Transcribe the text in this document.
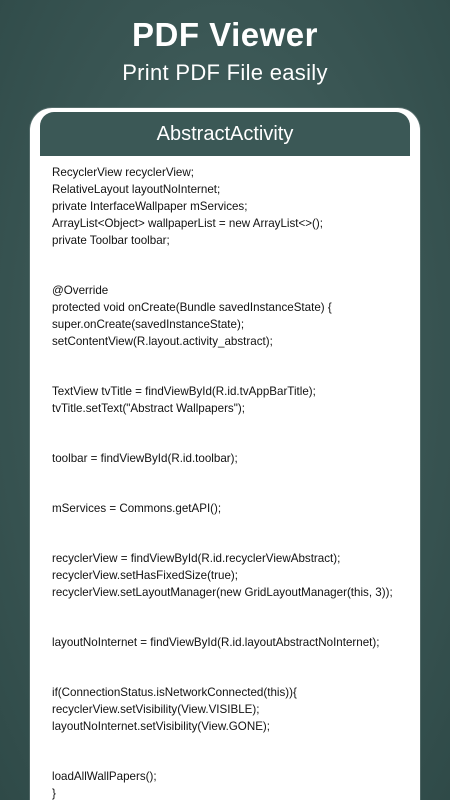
PDF Viewer
Print PDF File easily
AbstractActivity
RecyclerView recyclerView;
RelativeLayout layoutNoInternet;
private InterfaceWallpaper mServices;
ArrayList<Object> wallpaperList = new ArrayList<>();
private Toolbar toolbar;
@Override
protected void onCreate(Bundle savedInstanceState) {
super.onCreate(savedInstanceState);
setContentView(R.layout.activity_abstract);
TextView tvTitle = findViewById(R.id.tvAppBarTitle);
tvTitle.setText("Abstract Wallpapers");
toolbar = findViewById(R.id.toolbar);
mServices = Commons.getAPI();
recyclerView = findViewById(R.id.recyclerViewAbstract);
recyclerView.setHasFixedSize(true);
recyclerView.setLayoutManager(new GridLayoutManager(this, 3));
layoutNoInternet = findViewById(R.id.layoutAbstractNoInternet);
if(ConnectionStatus.isNetworkConnected(this)){
recyclerView.setVisibility(View.VISIBLE);
layoutNoInternet.setVisibility(View.GONE);
loadAllWallPapers();
}
